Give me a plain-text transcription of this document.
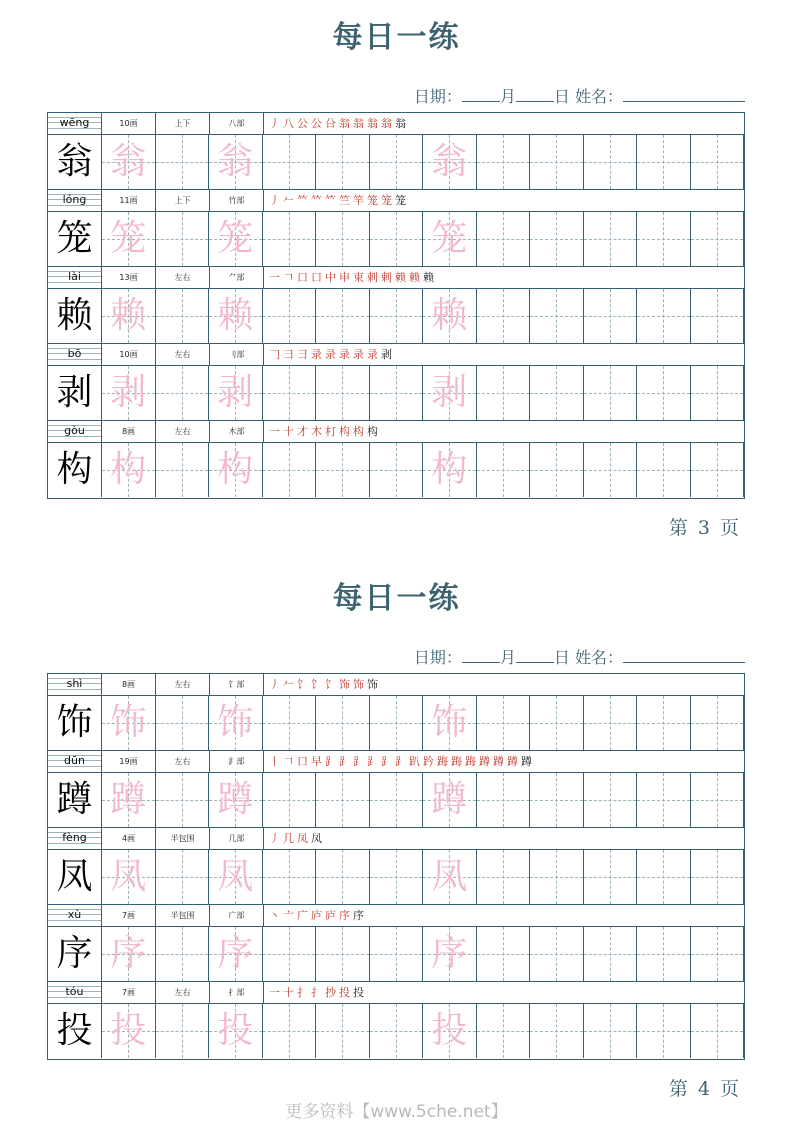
每日一练
日期： 月 日 姓名：
wēng	10画	上下	八部	丿八公公㕣翁翁翁翁翁
翁 翁 翁	翁
lóng	11画	上下	竹部	丿𠂉𥫗𥫗𥫗竺竿笼笼笼
笼 笼 笼	笼
lài	13画	左右	⺈部	一𠃍口口中申束剌剌赖赖赖
赖 赖 赖	赖
bō	10画	左右	刂部	𠃌彐彐录录录录录剥
剥 剥 剥	剥
gòu	8画	左右	木部	一十才木朾构构构
构 构 构	构
第 3 页
每日一练
日期： 月 日 姓名：
shì	8画	左右	饣部	丿𠂉饣饣饣饰饰饰
饰 饰 饰	饰
dūn	19画	左右	⻊部	丨𠃍口早⻊⻊⻊⻊⻊⻊趴趻踇踇踇蹲蹲蹲蹲
蹲 蹲 蹲	蹲
fèng	4画	半包围	几部	丿几凤凤
凤 凤 凤	凤
xù	7画	半包围	广部	丶亠广庐庐序序
序 序 序	序
tóu	7画	左右	扌部	一十扌扌抄投投
投 投 投	投
第 4 页
更多资料【www.5che.net】
